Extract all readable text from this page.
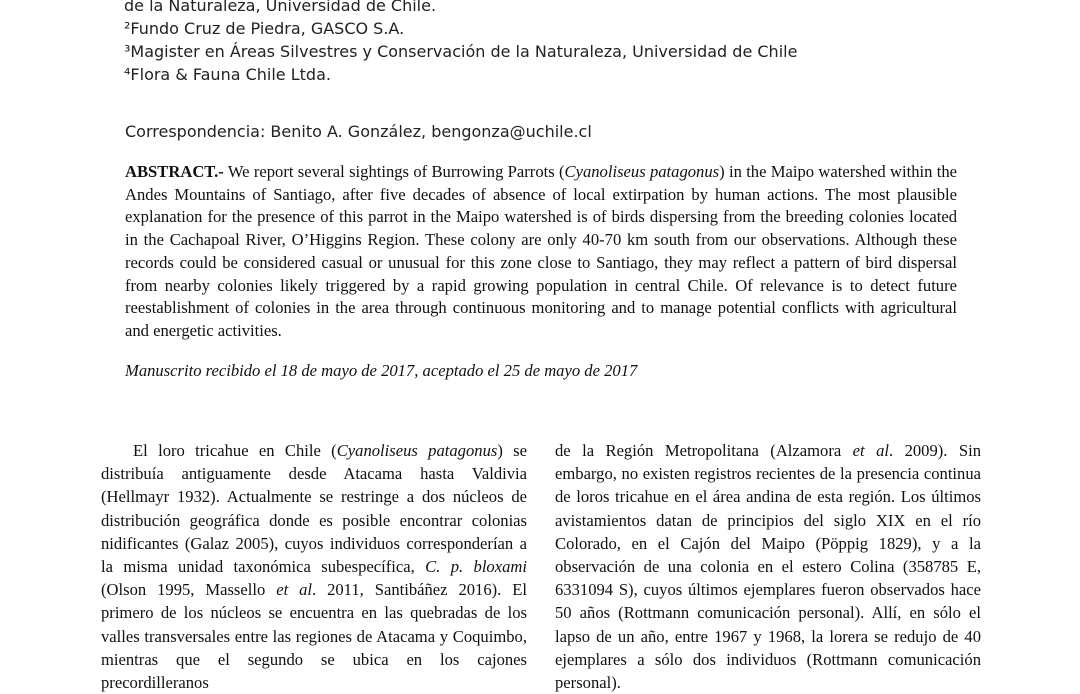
de la Naturaleza, Universidad de Chile.
²Fundo Cruz de Piedra, GASCO S.A.
³Magister en Áreas Silvestres y Conservación de la Naturaleza, Universidad de Chile
⁴Flora & Fauna Chile Ltda.
Correspondencia: Benito A. González, bengonza@uchile.cl
ABSTRACT.- We report several sightings of Burrowing Parrots (Cyanoliseus patagonus) in the Maipo watershed within the Andes Mountains of Santiago, after five decades of absence of local extirpation by human actions. The most plausible explanation for the presence of this parrot in the Maipo watershed is of birds dispersing from the breeding colonies located in the Cachapoal River, O’Higgins Region. These colony are only 40-70 km south from our observations. Although these records could be considered casual or unusual for this zone close to Santiago, they may reflect a pattern of bird dispersal from nearby colonies likely triggered by a rapid growing population in central Chile. Of relevance is to detect future reestablishment of colonies in the area through continuous monitoring and to manage potential conflicts with agricultural and energetic activities.
Manuscrito recibido el 18 de mayo de 2017, aceptado el 25 de mayo de 2017
El loro tricahue en Chile (Cyanoliseus patagonus) se distribuía antiguamente desde Atacama hasta Valdivia (Hellmayr 1932). Actualmente se restringe a dos núcleos de distribución geográfica donde es posible encontrar colonias nidificantes (Galaz 2005), cuyos individuos corresponderían a la misma unidad taxonómica subespecífica, C. p. bloxami (Olson 1995, Massello et al. 2011, Santibáñez 2016). El primero de los núcleos se encuentra en las quebradas de los valles transversales entre las regiones de Atacama y Coquimbo, mientras que el segundo se ubica en los cajones precordilleranos
de la Región Metropolitana (Alzamora et al. 2009). Sin embargo, no existen registros recientes de la presencia continua de loros tricahue en el área andina de esta región. Los últimos avistamientos datan de principios del siglo XIX en el río Colorado, en el Cajón del Maipo (Pöppig 1829), y a la observación de una colonia en el estero Colina (358785 E, 6331094 S), cuyos últimos ejemplares fueron observados hace 50 años (Rottmann comunicación personal). Allí, en sólo el lapso de un año, entre 1967 y 1968, la lorera se redujo de 40 ejemplares a sólo dos individuos (Rottmann comunicación personal).
